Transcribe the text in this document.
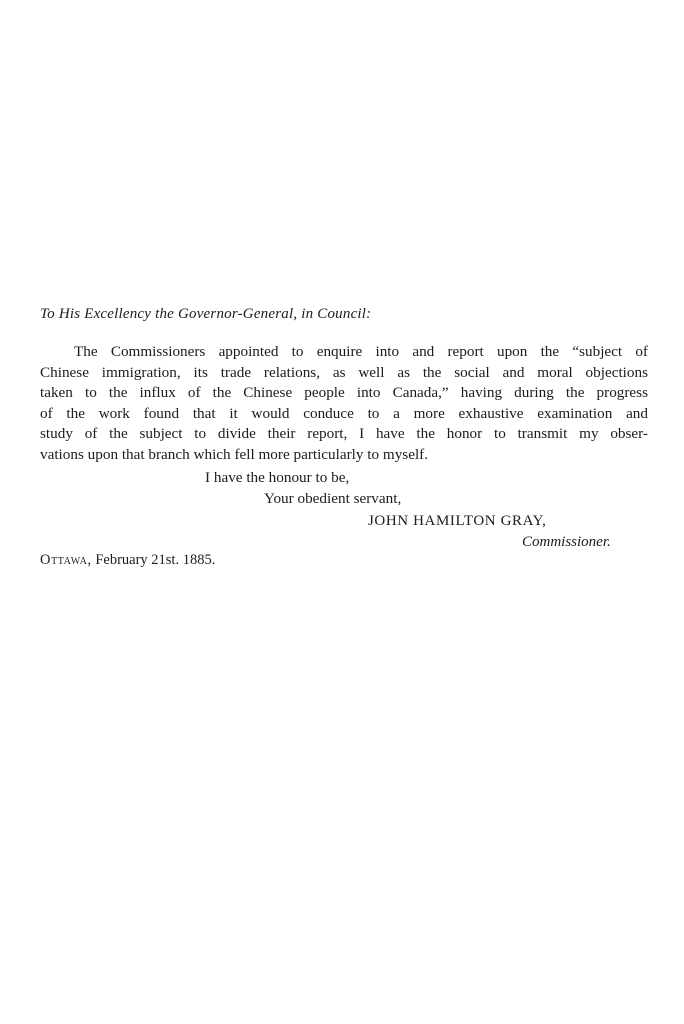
To His Excellency the Governor-General, in Council:
The Commissioners appointed to enquire into and report upon the “subject of
Chinese immigration, its trade relations, as well as the social and moral objections
taken to the influx of the Chinese people into Canada,” having during the progress
of the work found that it would conduce to a more exhaustive examination and
study of the subject to divide their report, I have the honor to transmit my obser-
vations upon that branch which fell more particularly to myself.
I have the honour to be,
Your obedient servant,
JOHN HAMILTON GRAY,
Commissioner.
Ottawa, February 21st. 1885.
